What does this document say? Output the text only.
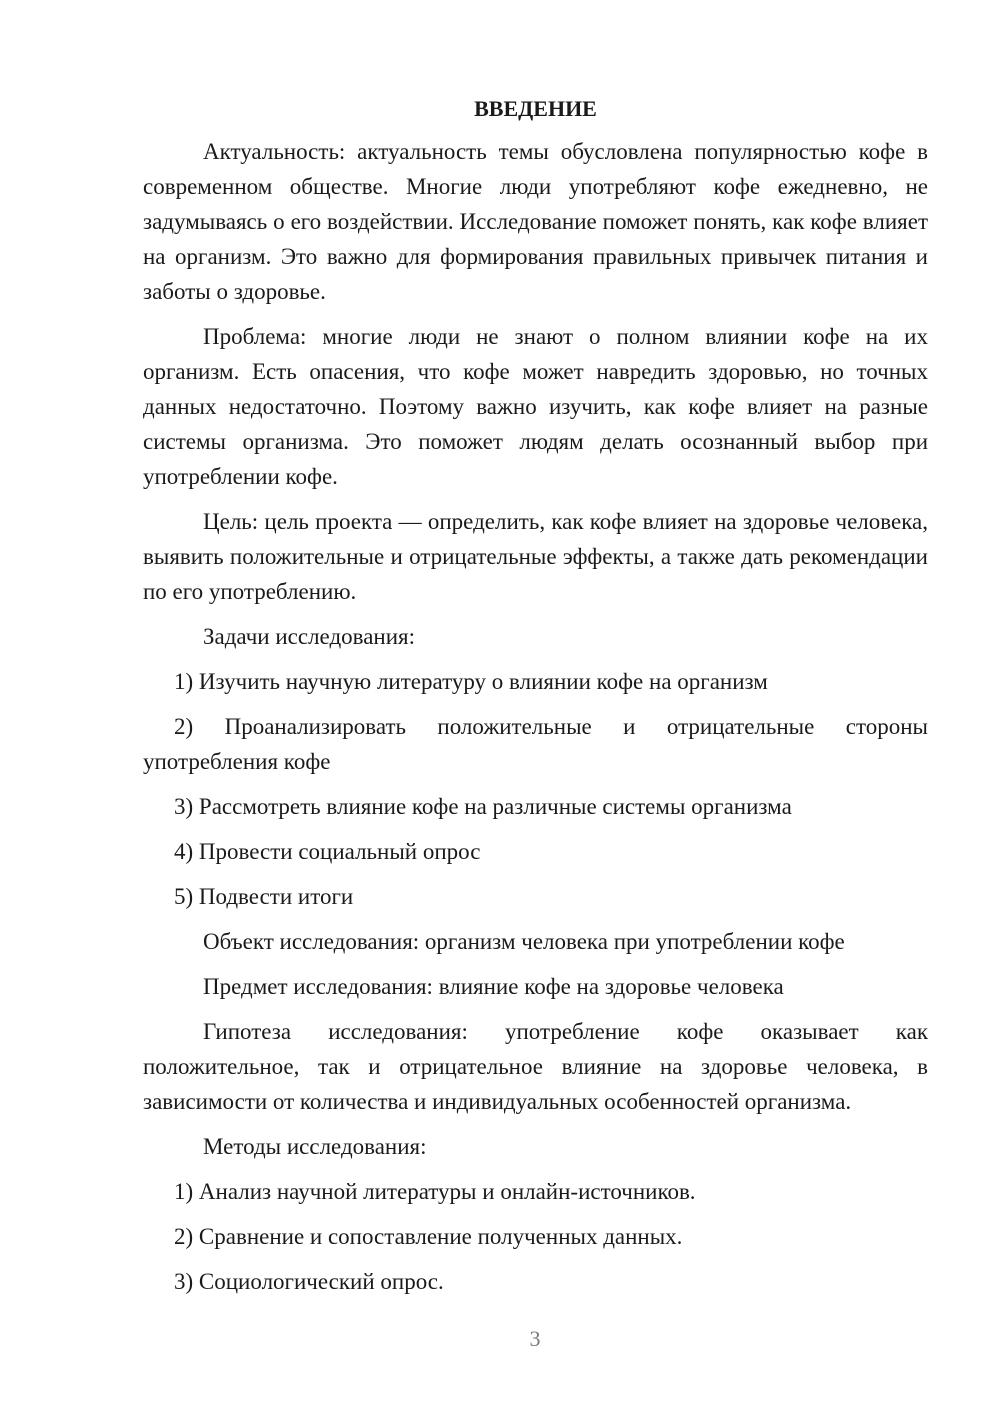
ВВЕДЕНИЕ

Актуальность: актуальность темы обусловлена популярностью кофе в современном обществе. Многие люди употребляют кофе ежедневно, не задумываясь о его воздействии. Исследование поможет понять, как кофе влияет на организм. Это важно для формирования правильных привычек питания и заботы о здоровье.

Проблема: многие люди не знают о полном влиянии кофе на их организм. Есть опасения, что кофе может навредить здоровью, но точных данных недостаточно. Поэтому важно изучить, как кофе влияет на разные системы организма. Это поможет людям делать осознанный выбор при употреблении кофе.

Цель: цель проекта — определить, как кофе влияет на здоровье человека, выявить положительные и отрицательные эффекты, а также дать рекомендации по его употреблению.

Задачи исследования:

1) Изучить научную литературу о влиянии кофе на организм

2) Проанализировать положительные и отрицательные стороны употребления кофе

3) Рассмотреть влияние кофе на различные системы организма

4) Провести социальный опрос

5) Подвести итоги

Объект исследования: организм человека при употреблении кофе

Предмет исследования: влияние кофе на здоровье человека

Гипотеза исследования: употребление кофе оказывает как положительное, так и отрицательное влияние на здоровье человека, в зависимости от количества и индивидуальных особенностей организма.

Методы исследования:

1) Анализ научной литературы и онлайн-источников.

2) Сравнение и сопоставление полученных данных.

3) Социологический опрос.

3
